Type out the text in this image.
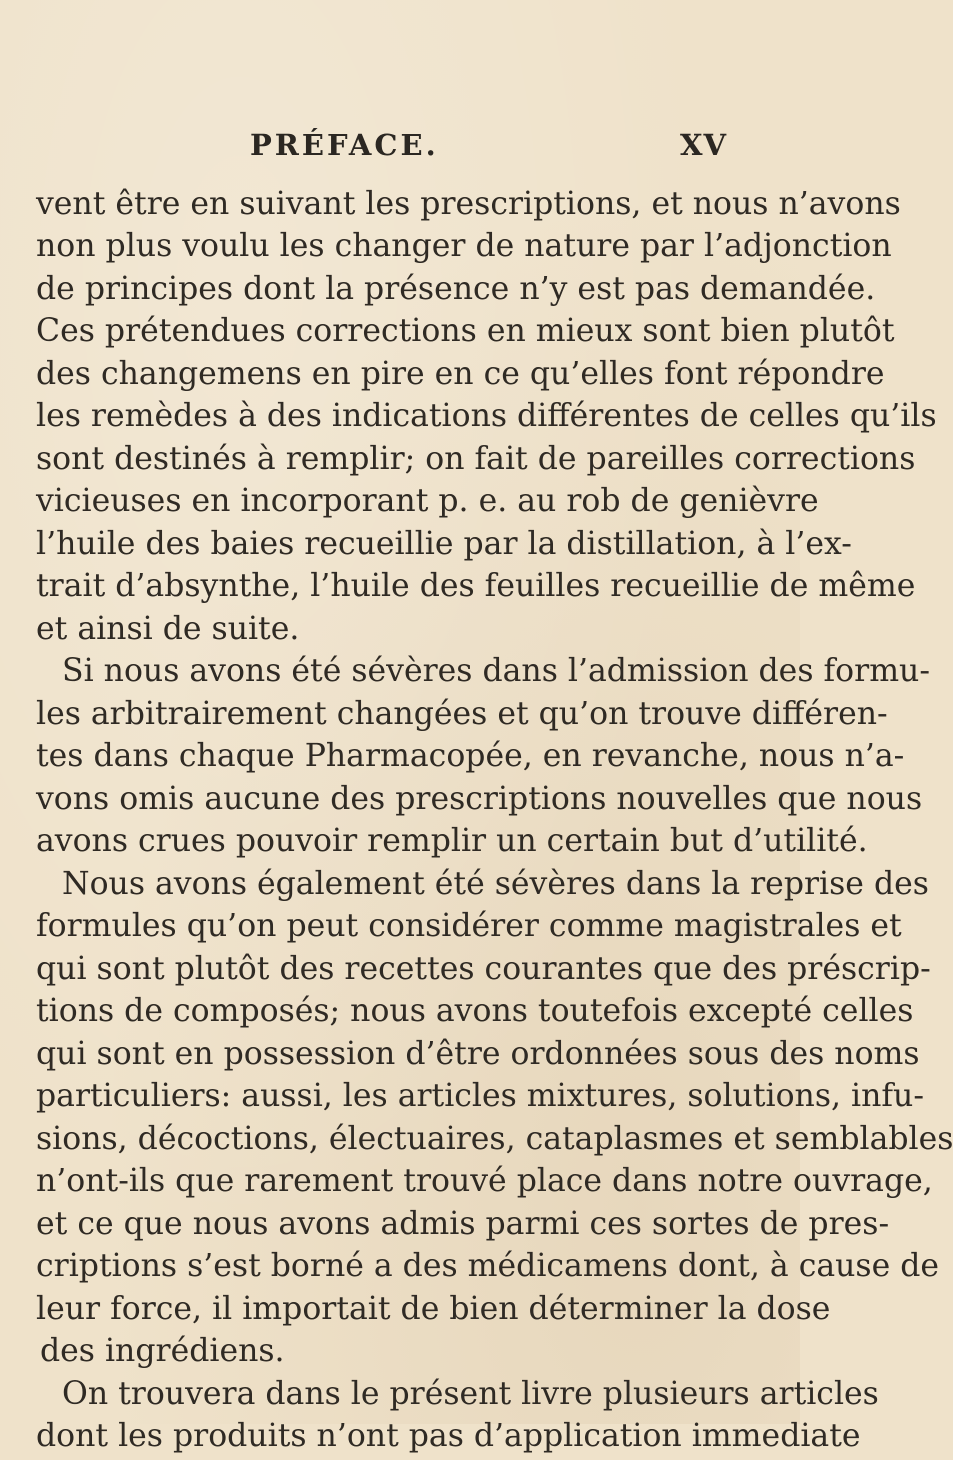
PRÉFACE.	XV
vent être en suivant les prescriptions, et nous n’avons
non plus voulu les changer de nature par l’adjonction
de principes dont la présence n’y est pas demandée.
Ces prétendues corrections en mieux sont bien plutôt
des changemens en pire en ce qu’elles font répondre
les remèdes à des indications différentes de celles qu’ils
sont destinés à remplir; on fait de pareilles corrections
vicieuses en incorporant p. e. au rob de genièvre
l’huile des baies recueillie par la distillation, à l’ex-
trait d’absynthe, l’huile des feuilles recueillie de même
et ainsi de suite.
Si nous avons été sévères dans l’admission des formu-
les arbitrairement changées et qu’on trouve différen-
tes dans chaque Pharmacopée, en revanche, nous n’a-
vons omis aucune des prescriptions nouvelles que nous
avons crues pouvoir remplir un certain but d’utilité.
Nous avons également été sévères dans la reprise des
formules qu’on peut considérer comme magistrales et
qui sont plutôt des recettes courantes que des préscrip-
tions de composés; nous avons toutefois excepté celles
qui sont en possession d’être ordonnées sous des noms
particuliers: aussi, les articles mixtures, solutions, infu-
sions, décoctions, électuaires, cataplasmes et semblables
n’ont-ils que rarement trouvé place dans notre ouvrage,
et ce que nous avons admis parmi ces sortes de pres-
criptions s’est borné a des médicamens dont, à cause de
leur force, il importait de bien déterminer la dose
des ingrédiens.
On trouvera dans le présent livre plusieurs articles
dont les produits n’ont pas d’application immediate
